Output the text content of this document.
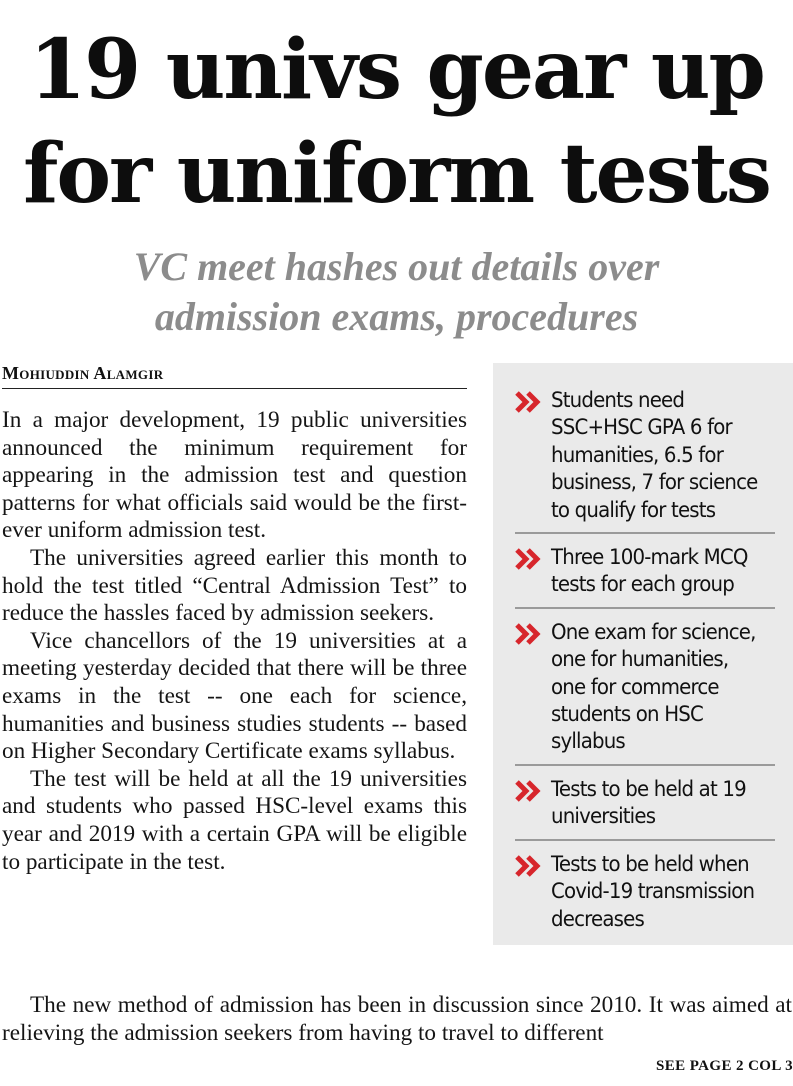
19 univs gear up
for uniform tests
VC meet hashes out details over
admission exams, procedures
Mohiuddin Alamgir

In a major development, 19 public universities announced the minimum requirement for appearing in the admission test and question patterns for what officials said would be the first-ever uniform admission test.

The universities agreed earlier this month to hold the test titled “Central Admission Test” to reduce the hassles faced by admission seekers.

Vice chancellors of the 19 universities at a meeting yesterday decided that there will be three exams in the test -- one each for science, humanities and business studies students -- based on Higher Secondary Certificate exams syllabus.

The test will be held at all the 19 universities and students who passed HSC-level exams this year and 2019 with a certain GPA will be eligible to participate in the test.

The new method of admission has been in discussion since 2010. It was aimed at relieving the admission seekers from having to travel to different

Students need
SSC+HSC GPA 6 for
humanities, 6.5 for
business, 7 for science
to qualify for tests
Three 100-mark MCQ
tests for each group
One exam for science,
one for humanities,
one for commerce
students on HSC
syllabus
Tests to be held at 19
universities
Tests to be held when
Covid-19 transmission
decreases
SEE PAGE 2 COL 3
